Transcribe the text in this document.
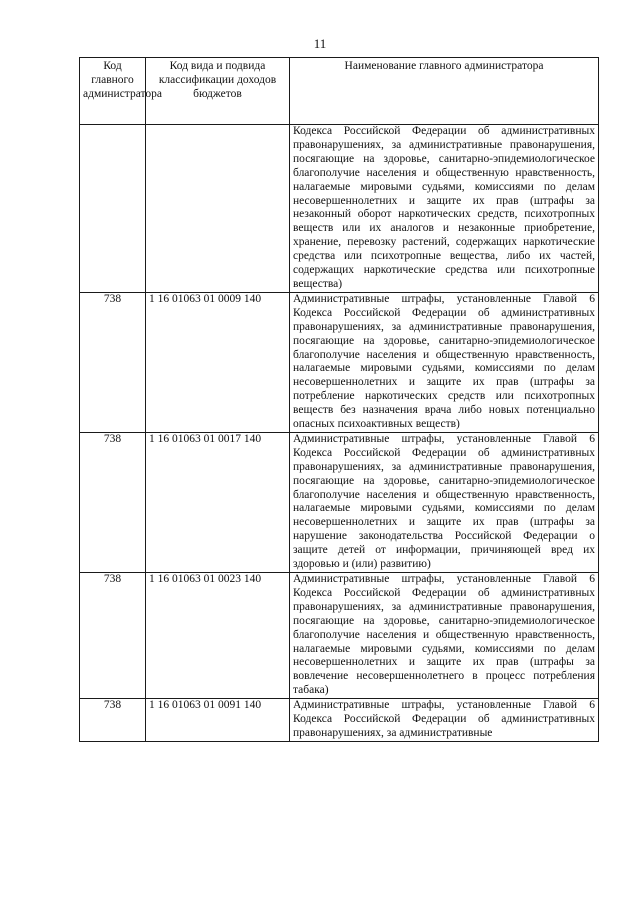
11
Код главного администратора	Код вида и подвида классификации доходов бюджетов	Наименование главного администратора
		Кодекса Российской Федерации об административных правонарушениях, за административные правонарушения, посягающие на здоровье, санитарно-эпидемиологическое благополучие населения и общественную нравственность, налагаемые мировыми судьями, комиссиями по делам несовершеннолетних и защите их прав (штрафы за незаконный оборот наркотических средств, психотропных веществ или их аналогов и незаконные приобретение, хранение, перевозку растений, содержащих наркотические средства или психотропные вещества, либо их частей, содержащих наркотические средства или психотропные вещества)
738	1 16 01063 01 0009 140	Административные штрафы, установленные Главой 6 Кодекса Российской Федерации об административных правонарушениях, за административные правонарушения, посягающие на здоровье, санитарно-эпидемиологическое благополучие населения и общественную нравственность, налагаемые мировыми судьями, комиссиями по делам несовершеннолетних и защите их прав (штрафы за потребление наркотических средств или психотропных веществ без назначения врача либо новых потенциально опасных психоактивных веществ)
738	1 16 01063 01 0017 140	Административные штрафы, установленные Главой 6 Кодекса Российской Федерации об административных правонарушениях, за административные правонарушения, посягающие на здоровье, санитарно-эпидемиологическое благополучие населения и общественную нравственность, налагаемые мировыми судьями, комиссиями по делам несовершеннолетних и защите их прав (штрафы за нарушение законодательства Российской Федерации о защите детей от информации, причиняющей вред их здоровью и (или) развитию)
738	1 16 01063 01 0023 140	Административные штрафы, установленные Главой 6 Кодекса Российской Федерации об административных правонарушениях, за административные правонарушения, посягающие на здоровье, санитарно-эпидемиологическое благополучие населения и общественную нравственность, налагаемые мировыми судьями, комиссиями по делам несовершеннолетних и защите их прав (штрафы за вовлечение несовершеннолетнего в процесс потребления табака)
738	1 16 01063 01 0091 140	Административные штрафы, установленные Главой 6 Кодекса Российской Федерации об административных правонарушениях, за административные
